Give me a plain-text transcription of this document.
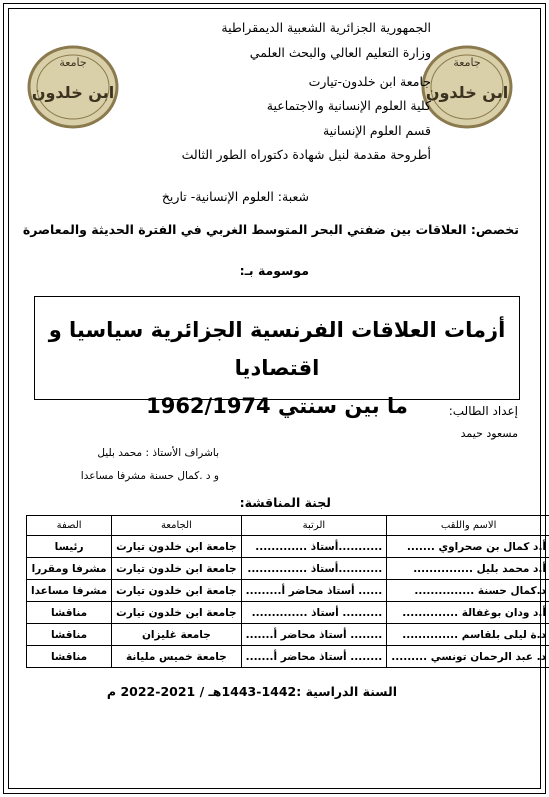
جامعة
ابن خلدون
جامعة
ابن خلدون
الجمهورية الجزائرية الشعبية الديمقراطية
وزارة التعليم العالي والبحث العلمي
جامعة ابن خلدون-تيارت
كلية العلوم الإنسانية والاجتماعية
قسم العلوم الإنسانية
أطروحة مقدمة لنيل شهادة دكتوراه الطور الثالث
شعبة: العلوم الإنسانية- تاريخ
تخصص: العلاقات بين ضفتي البحر المتوسط الغربي في الفترة الحديثة والمعاصرة
موسومة بـ:
أزمات العلاقات الفرنسية الجزائرية سياسيا و اقتصاديا
ما بين سنتي 1962/1974	إعداد الطالب:
مسعود حيمد
باشراف الأستاذ : محمد بليل
و د .كمال حسنة مشرفا مساعدا
لجنة المناقشة:
الاسم واللقب	الرتبة	الجامعة	الصفة
أ.د كمال بن صحراوي .......	...........أستاذ .............	جامعة ابن خلدون تيارت	رئيسا
أ.د محمد بليل ...............	...........أستاذ ...............	جامعة ابن خلدون تيارت	مشرفا ومقررا
د.كمال حسنة ...............	...... أستاذ محاضر أ.........	جامعة ابن خلدون تيارت	مشرفا مساعدا
أ.د ودان بوغفالة ..............	.......... أستاذ ..............	جامعة ابن خلدون تيارت	مناقشا
د.ة ليلى بلقاسم ..............	........ أستاذ محاضر أ.......	جامعة غليزان	مناقشا
د. عبد الرحمان تونسي .........	........ أستاذ محاضر أ.......	جامعة خميس مليانة	مناقشا
السنة الدراسية :1442-1443هـ / 2021-2022 م
